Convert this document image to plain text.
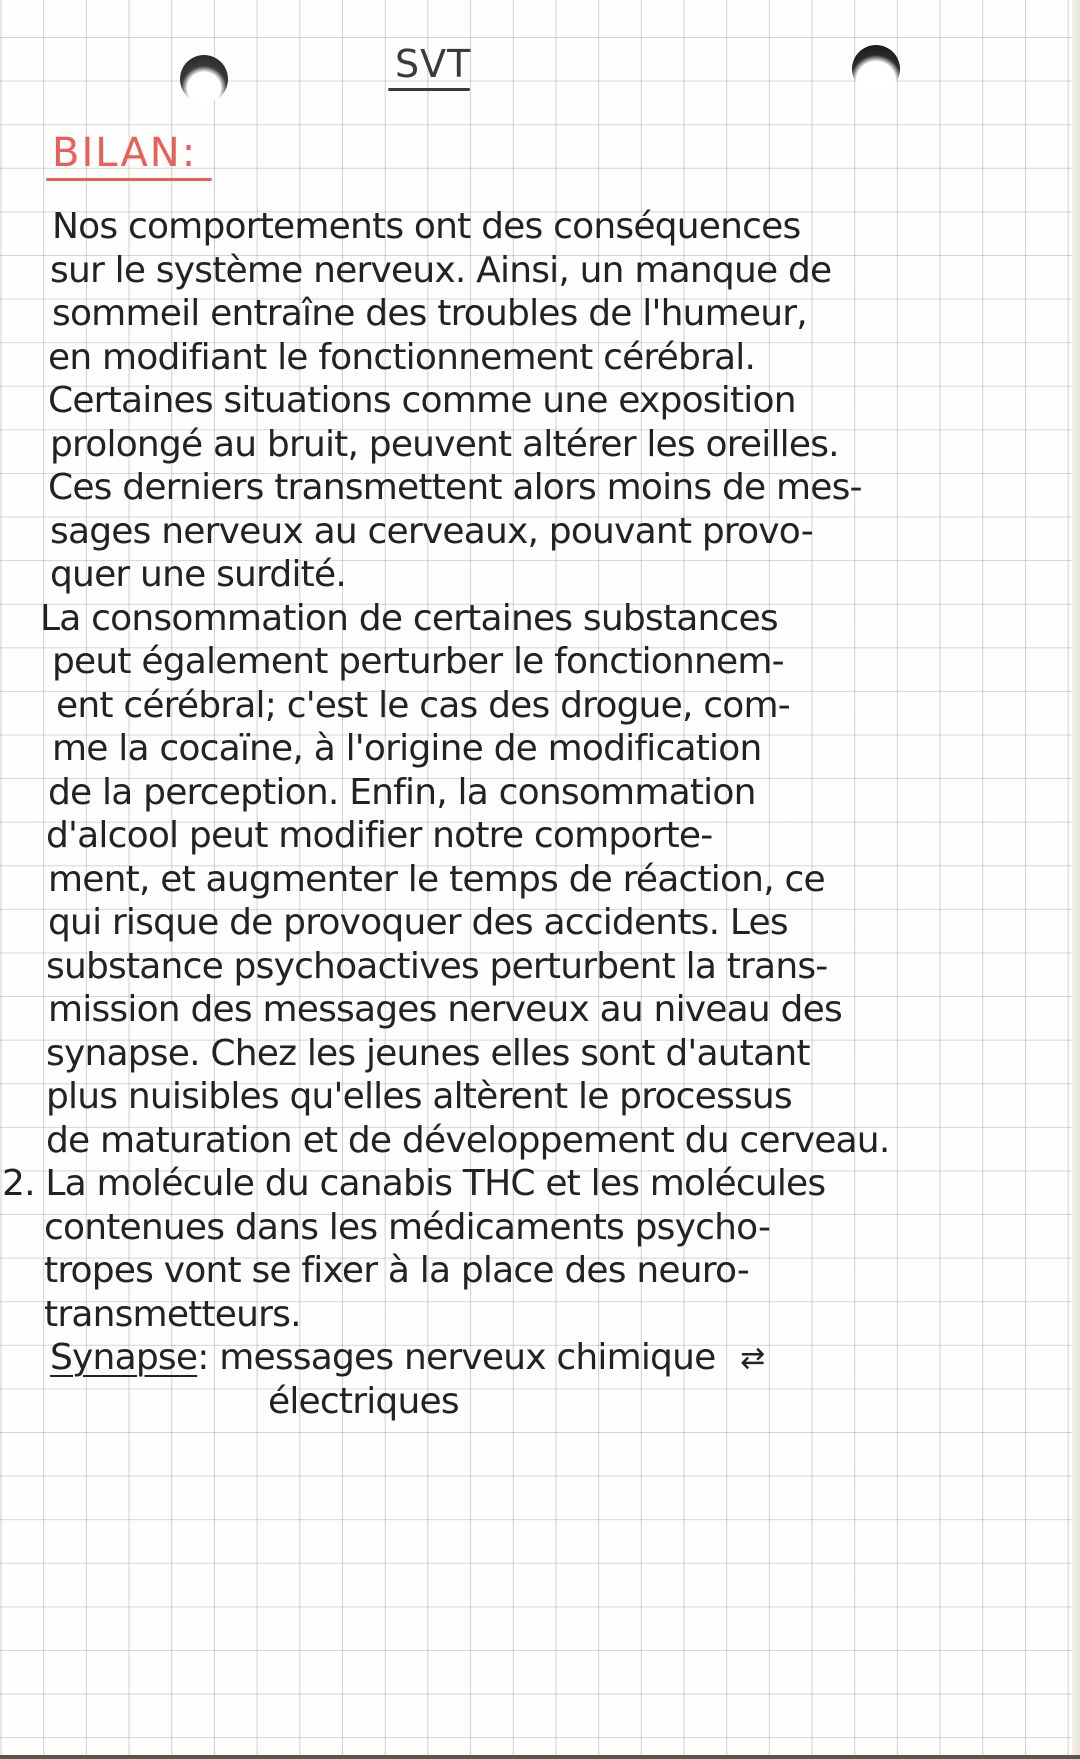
SVT
BILAN:
Nos comportements ont des conséquences
sur le système nerveux. Ainsi, un manque de
sommeil entraîne des troubles de l'humeur,
en modifiant le fonctionnement cérébral.
Certaines situations comme une exposition
prolongé au bruit, peuvent altérer les oreilles.
Ces derniers transmettent alors moins de mes-
sages nerveux au cerveaux, pouvant provo-
quer une surdité.
La consommation de certaines substances
peut également perturber le fonctionnem-
ent cérébral; c'est le cas des drogue, com-
me la cocaïne, à l'origine de modification
de la perception. Enfin, la consommation
d'alcool peut modifier notre comporte-
ment, et augmenter le temps de réaction, ce
qui risque de provoquer des accidents. Les
substance psychoactives perturbent la trans-
mission des messages nerveux au niveau des
synapse. Chez les jeunes elles sont d'autant
plus nuisibles qu'elles altèrent le processus
de maturation et de développement du cerveau.
2. La molécule du canabis THC et les molécules
contenues dans les médicaments psycho-
tropes vont se fixer à la place des neuro-
transmetteurs.
Synapse: messages nerveux chimique ⇄
électriques
